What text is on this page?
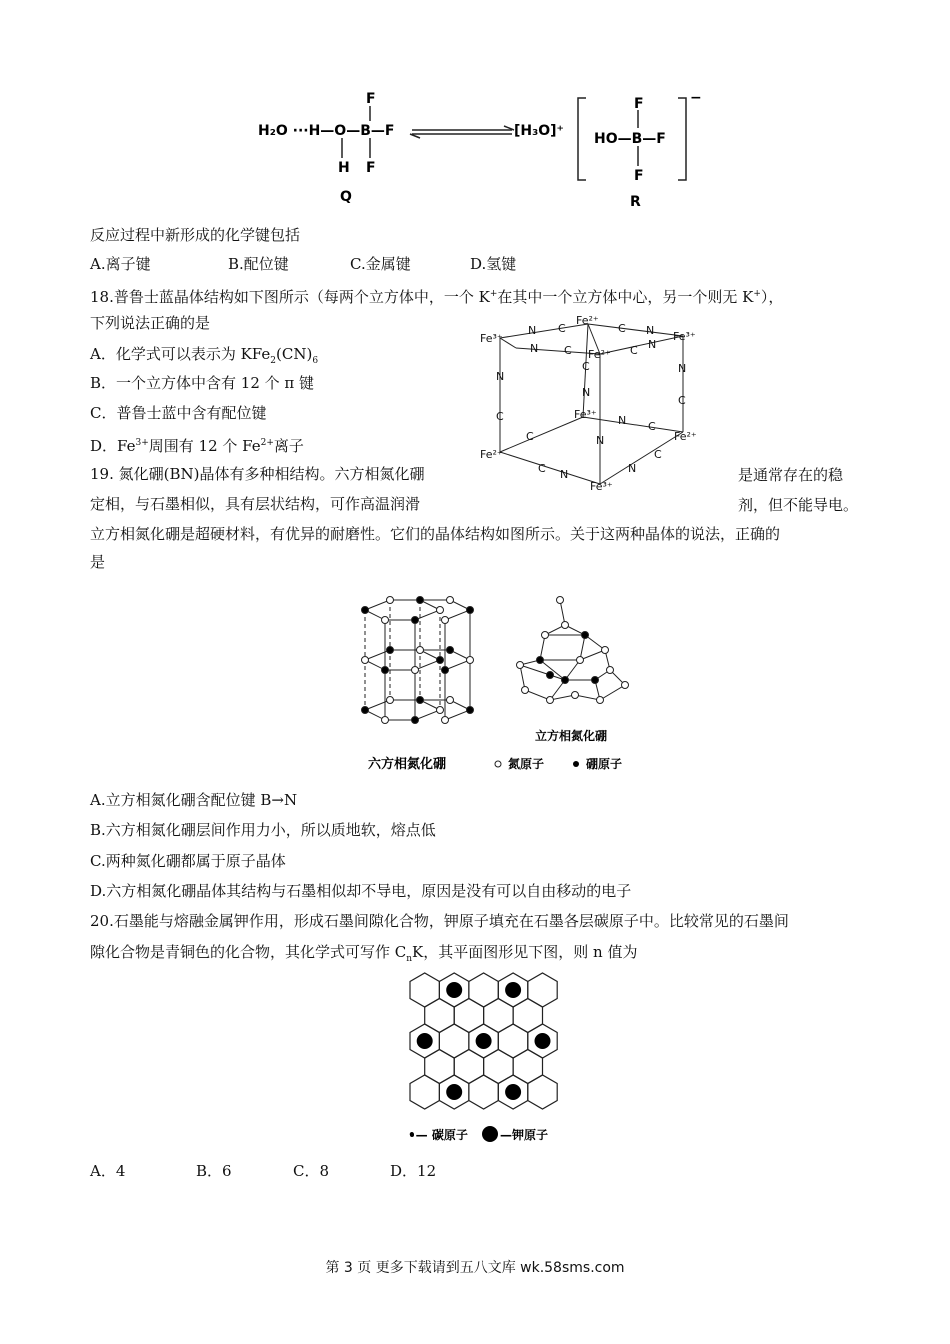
H₂O ···H—O—B—F
F
F
H
Q
[H₃O]⁺ HO—B—F
F
F
−
R
反应过程中新形成的化学键包括
A.离子键	B.配位键	C.金属键	D.氢键
18.普鲁士蓝晶体结构如下图所示（每两个立方体中，一个 K+在其中一个立方体中心，另一个则无 K+），
下列说法正确的是
A．化学式可以表示为 $KFe_2(CN)_6$
B．一个立方体中含有 12 个 π 键
C．普鲁士蓝中含有配位键
D．$Fe^{3+}$周围有 12 个 $Fe^{2+}$离子
Fe³⁺
Fe²⁺
Fe³⁺
Fe²⁺
Fe²⁺
Fe³⁺
Fe²⁺
Fe³⁺
N C	C N
N C	C N
C
N
N
C
N
C
N
C
N C
C N	N
C
19. 氮化硼(BN)晶体有多种相结构。六方相氮化硼	是通常存在的稳
定相，与石墨相似，具有层状结构，可作高温润滑	剂，但不能导电。
立方相氮化硼是超硬材料，有优异的耐磨性。它们的晶体结构如图所示。关于这两种晶体的说法，正确的
是
立方相氮化硼
六方相氮化硼	氮原子	硼原子
A.立方相氮化硼含配位键 B→N
B.六方相氮化硼层间作用力小，所以质地软，熔点低
C.两种氮化硼都属于原子晶体
D.六方相氮化硼晶体其结构与石墨相似却不导电，原因是没有可以自由移动的电子
20.石墨能与熔融金属钾作用，形成石墨间隙化合物，钾原子填充在石墨各层碳原子中。比较常见的石墨间
隙化合物是青铜色的化合物，其化学式可写作 $C_nK$，其平面图形见下图，则 n 值为
•— 碳原子	—钾原子
A．4	B．6	C．8	D．12
第 3 页 更多下载请到五八文库 wk.58sms.com
